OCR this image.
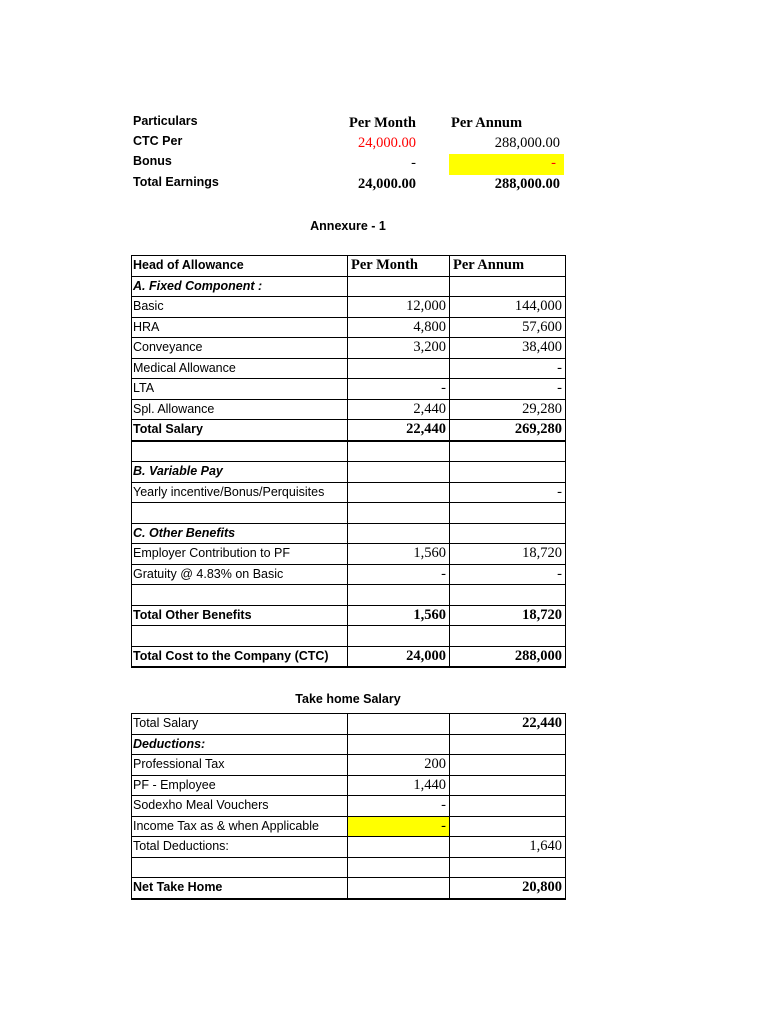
Particulars	Per Month Per Annum
CTC Per	24,000.00	288,000.00
Bonus	-	-
Total Earnings	24,000.00	288,000.00
Annexure - 1
Head of Allowance	Per Month	Per Annum
A. Fixed Component :		
Basic	12,000	144,000
HRA	4,800	57,600
Conveyance	3,200	38,400
Medical Allowance		-
LTA	-	-
Spl. Allowance	2,440	29,280
Total Salary	22,440	269,280

B. Variable Pay		
Yearly incentive/Bonus/Perquisites		-

C. Other Benefits		
Employer Contribution to PF	1,560	18,720
Gratuity @ 4.83% on Basic	-	-

Total Other Benefits	1,560	18,720

Total Cost to the Company (CTC)	24,000	288,000
Take home Salary
Total Salary		22,440
Deductions:		
Professional Tax	200	
PF - Employee	1,440	
Sodexho Meal Vouchers	-	
Income Tax as & when Applicable	-	
Total Deductions:		1,640

Net Take Home		20,800
